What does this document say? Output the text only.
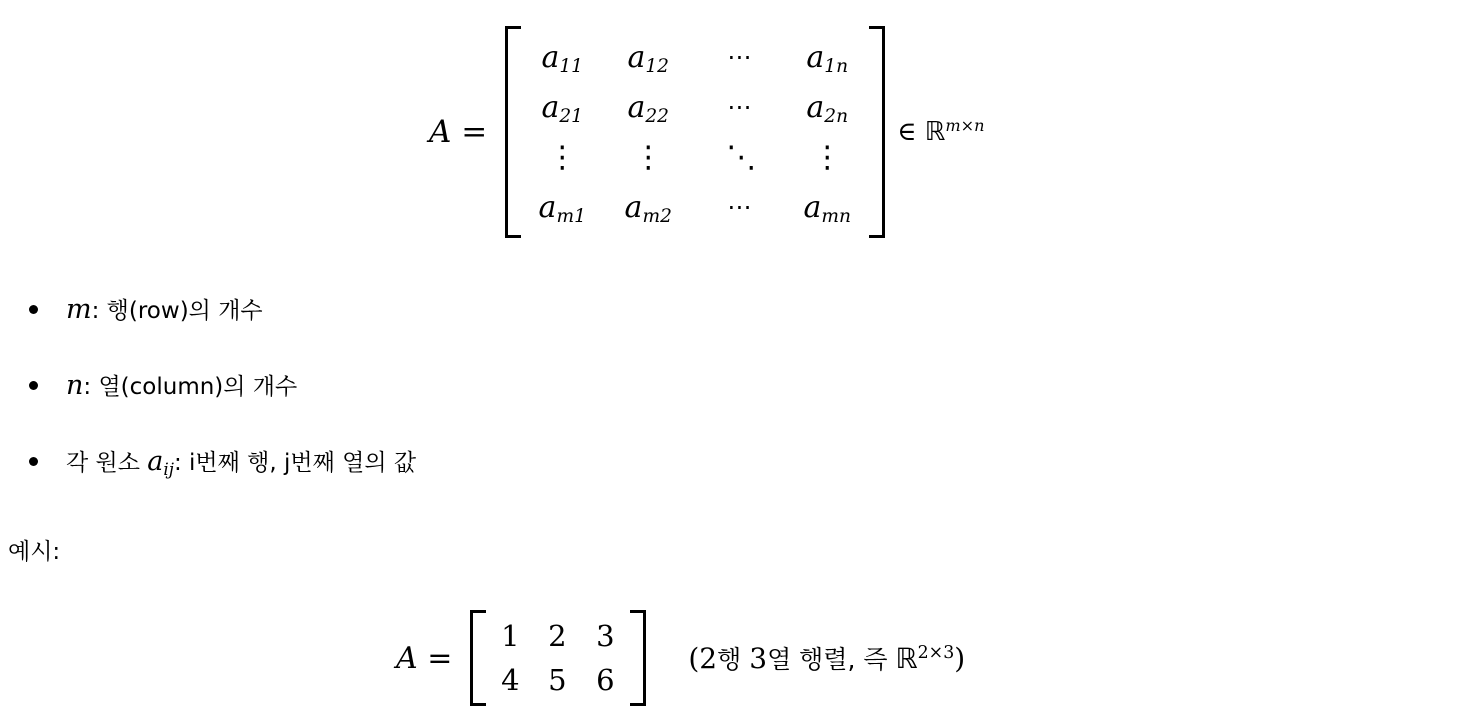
A =
$a_{11}$ $a_{12}$ ⋯ $a_{1n}$
$a_{21}$ $a_{22}$ ⋯ $a_{2n}$
⋮ ⋮ ⋱ ⋮
$a_{m1}$ $a_{m2}$ ⋯ $a_{mn}$
∈ ℝ$^{m\times n}$
m: 행(row)의 개수
n: 열(column)의 개수
각 원소 $a_{ij}$: i번째 행, j번째 열의 값
예시:
A =
1 2 3
4 5 6
(2행 3열 행렬, 즉 ℝ$^{2\times 3}$)
